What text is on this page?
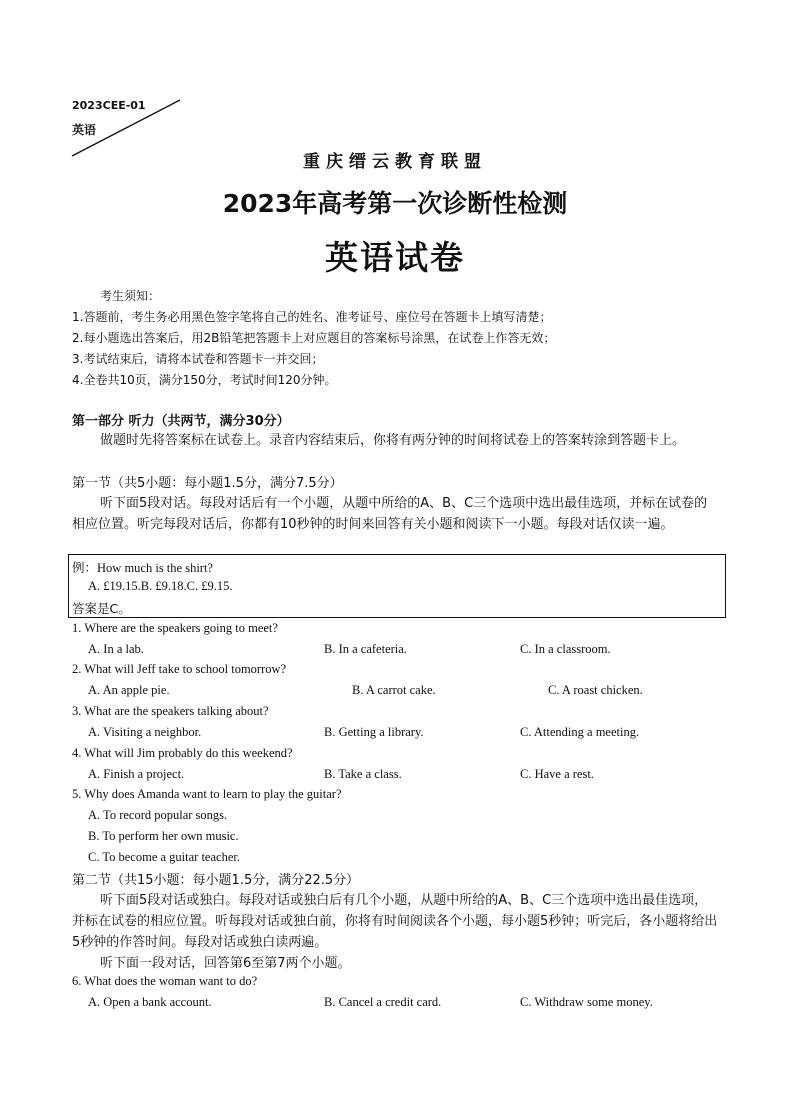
2023CEE-01
英语
重庆缙云教育联盟
2023年高考第一次诊断性检测
英语试卷
考生须知：
1.答题前，考生务必用黑色签字笔将自己的姓名、准考证号、座位号在答题卡上填写清楚；
2.每小题选出答案后，用2B铅笔把答题卡上对应题目的答案标号涂黑，在试卷上作答无效；
3.考试结束后，请将本试卷和答题卡一并交回；
4.全卷共10页，满分150分，考试时间120分钟。
第一部分 听力（共两节，满分30分）
做题时先将答案标在试卷上。录音内容结束后，你将有两分钟的时间将试卷上的答案转涂到答题卡上。
第一节（共5小题：每小题1.5分，满分7.5分）
听下面5段对话。每段对话后有一个小题，从题中所给的A、B、C三个选项中选出最佳选项，并标在试卷的相应位置。听完每段对话后，你都有10秒钟的时间来回答有关小题和阅读下一小题。每段对话仅读一遍。
例：How much is the shirt?
A. £19.15.B. £9.18.C. £9.15.
答案是C。
1. Where are the speakers going to meet?
A. In a lab.	B. In a cafeteria.	C. In a classroom.
2. What will Jeff take to school tomorrow?
A. An apple pie.	B. A carrot cake.	C. A roast chicken.
3. What are the speakers talking about?
A. Visiting a neighbor.	B. Getting a library.	C. Attending a meeting.
4. What will Jim probably do this weekend?
A. Finish a project.	B. Take a class.	C. Have a rest.
5. Why does Amanda want to learn to play the guitar?
A. To record popular songs.
B. To perform her own music.
C. To become a guitar teacher.
第二节（共15小题：每小题1.5分，满分22.5分）
听下面5段对话或独白。每段对话或独白后有几个小题，从题中所给的A、B、C三个选项中选出最佳选项，并标在试卷的相应位置。听每段对话或独白前，你将有时间阅读各个小题，每小题5秒钟；听完后，各小题将给出5秒钟的作答时间。每段对话或独白读两遍。
听下面一段对话，回答第6至第7两个小题。
6. What does the woman want to do?
A. Open a bank account.	B. Cancel a credit card.	C. Withdraw some money.
